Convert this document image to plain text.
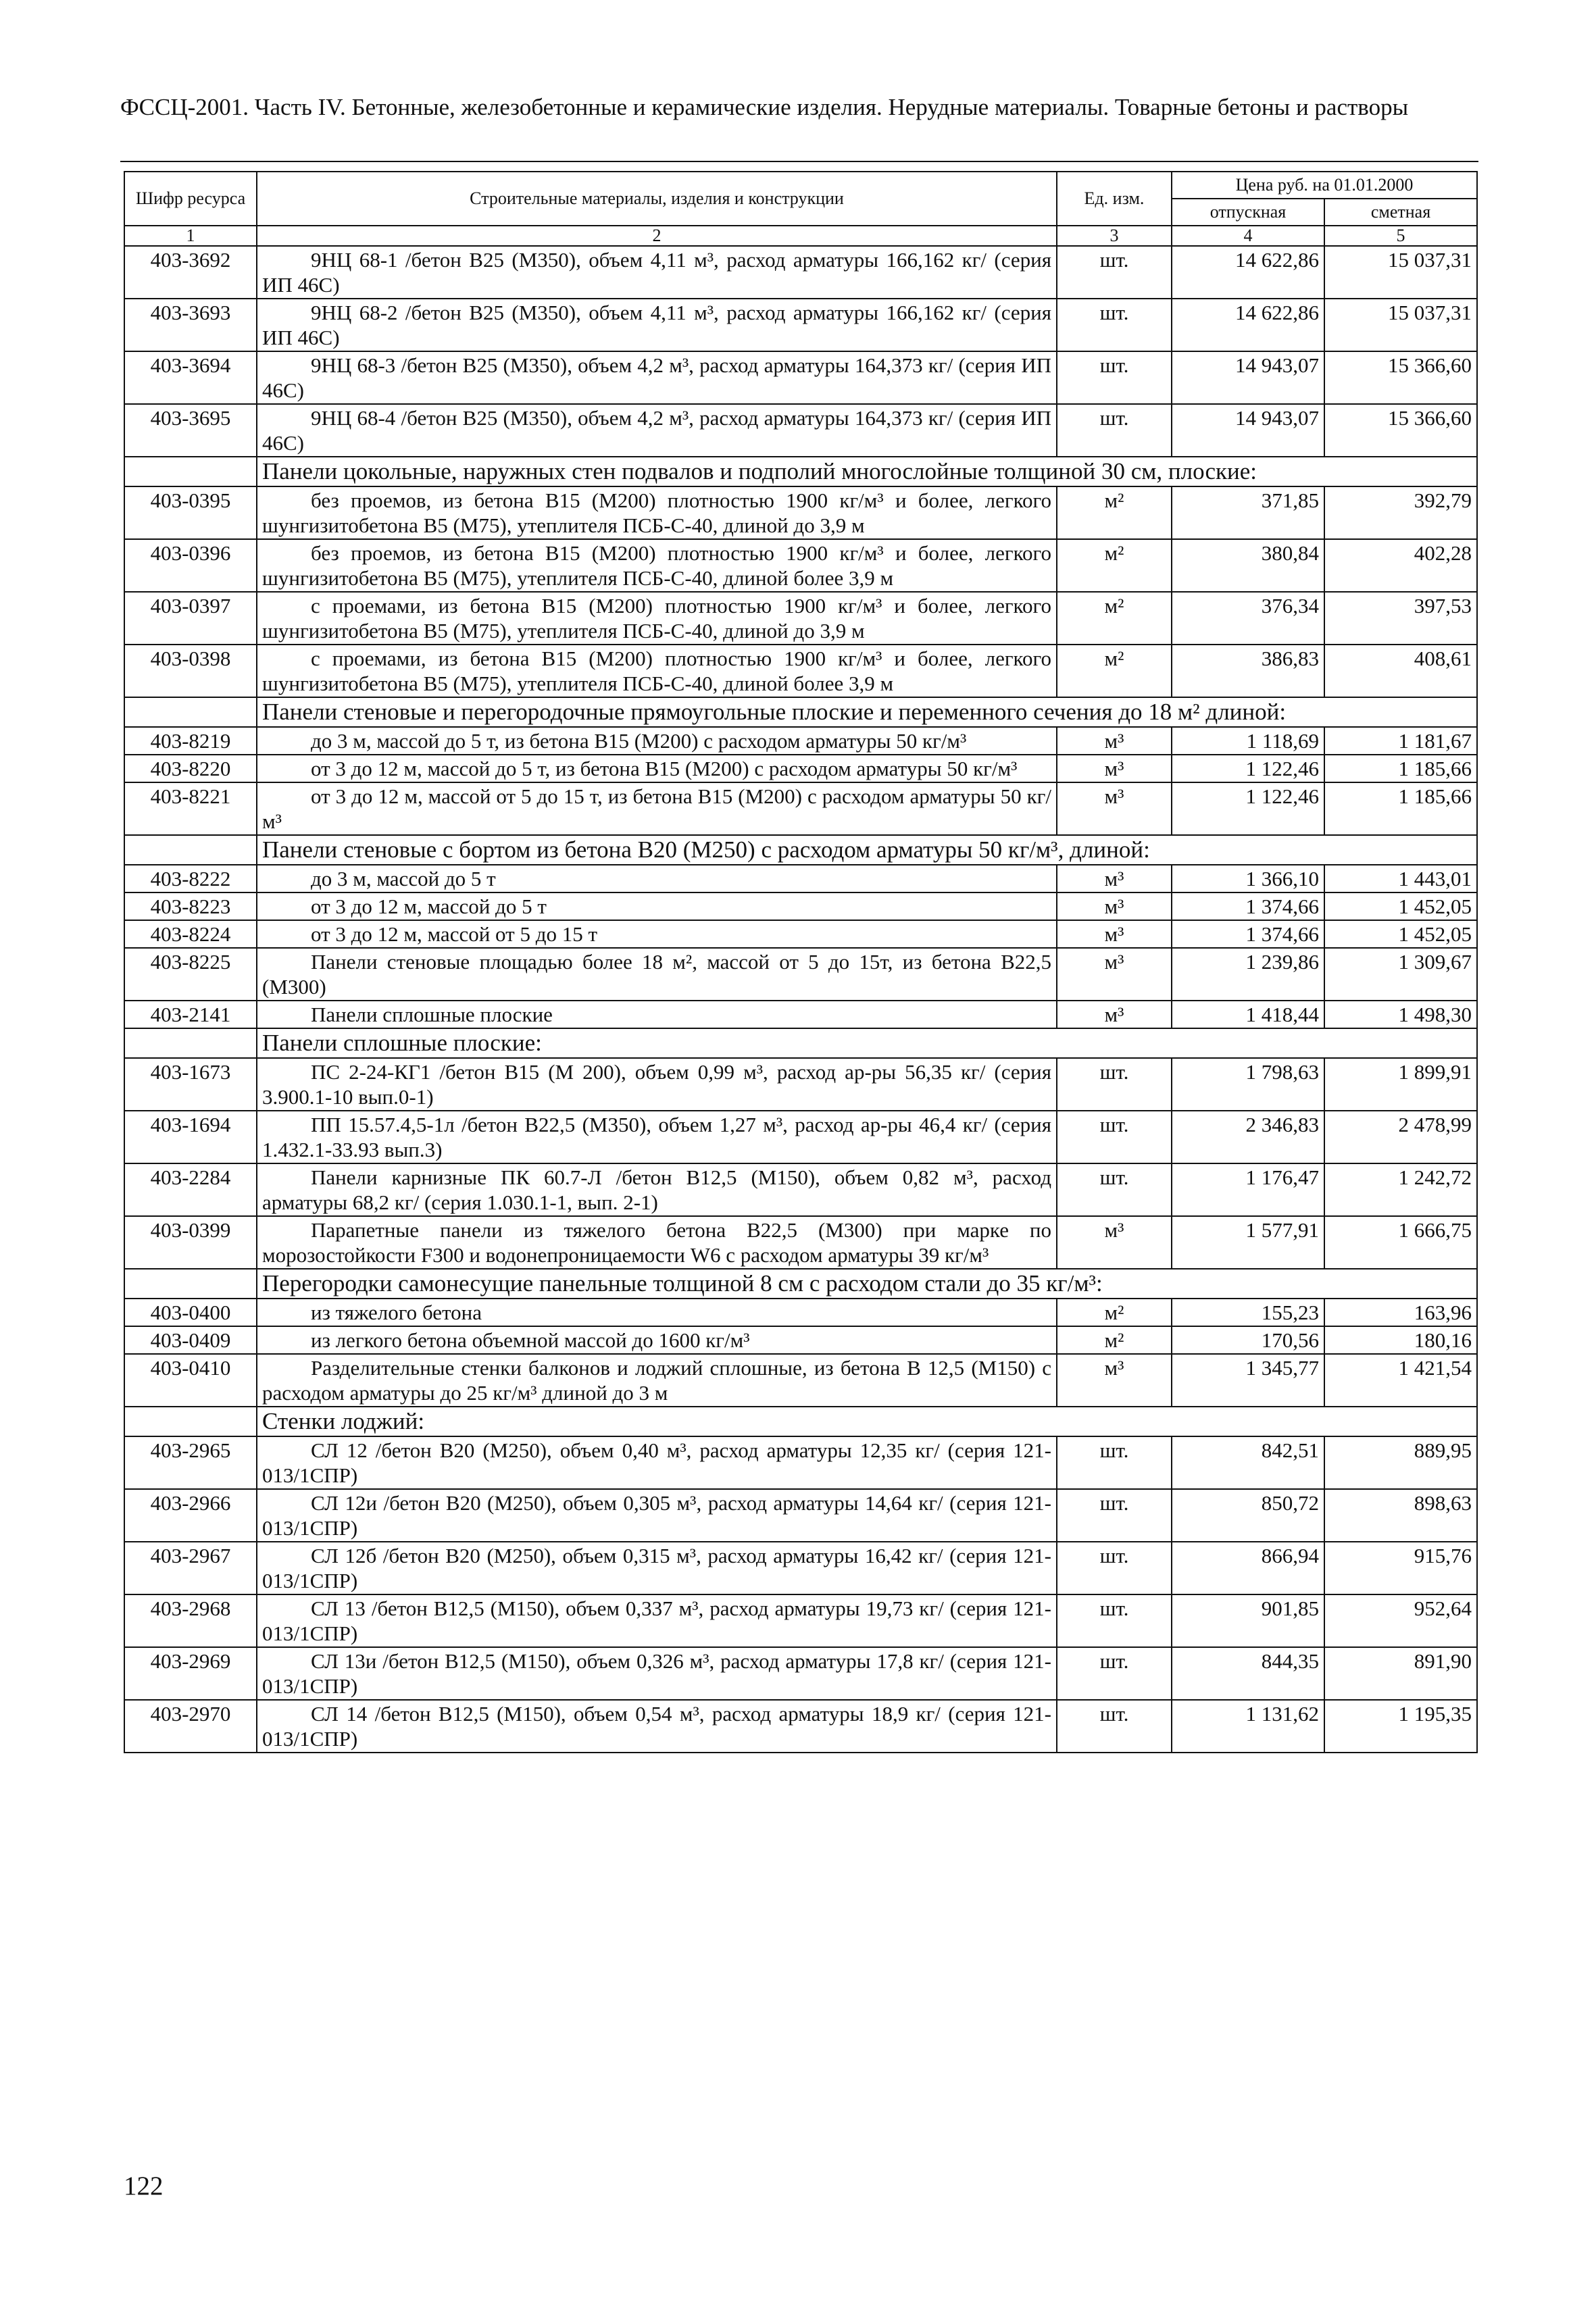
ФССЦ-2001. Часть IV. Бетонные, железобетонные и керамические изделия. Нерудные материалы. Товарные бетоны и растворы
Шифр ресурса	Строительные материалы, изделия и конструкции	Ед. изм.	Цена руб. на 01.01.2000	
			отпускная	сметная
1	2	3	4	5
403-3692	9НЦ 68-1 /бетон В25 (М350), объем 4,11 м³, расход арматуры 166,162 кг/ (серия ИП 46С)	шт.	14 622,86	15 037,31
403-3693	9НЦ 68-2 /бетон В25 (М350), объем 4,11 м³, расход арматуры 166,162 кг/ (серия ИП 46С)	шт.	14 622,86	15 037,31
403-3694	9НЦ 68-3 /бетон В25 (М350), объем 4,2 м³, расход арматуры 164,373 кг/ (серия ИП 46С)	шт.	14 943,07	15 366,60
403-3695	9НЦ 68-4 /бетон В25 (М350), объем 4,2 м³, расход арматуры 164,373 кг/ (серия ИП 46С)	шт.	14 943,07	15 366,60
	Панели цокольные, наружных стен подвалов и подполий многослойные толщиной 30 см, плоские:			
403-0395	без проемов, из бетона В15 (М200) плотностью 1900 кг/м³ и более, легкого шунгизитобетона В5 (М75), утеплителя ПСБ-С-40, длиной до 3,9 м	м²	371,85	392,79
403-0396	без проемов, из бетона В15 (М200) плотностью 1900 кг/м³ и более, легкого шунгизитобетона В5 (М75), утеплителя ПСБ-С-40, длиной более 3,9 м	м²	380,84	402,28
403-0397	с проемами, из бетона В15 (М200) плотностью 1900 кг/м³ и более, легкого шунгизитобетона В5 (М75), утеплителя ПСБ-С-40, длиной до 3,9 м	м²	376,34	397,53
403-0398	с проемами, из бетона В15 (М200) плотностью 1900 кг/м³ и более, легкого шунгизитобетона В5 (М75), утеплителя ПСБ-С-40, длиной более 3,9 м	м²	386,83	408,61
	Панели стеновые и перегородочные прямоугольные плоские и переменного сечения до 18 м² длиной:			
403-8219	до 3 м, массой до 5 т, из бетона В15 (М200) с расходом арматуры 50 кг/м³	м³	1 118,69	1 181,67
403-8220	от 3 до 12 м, массой до 5 т, из бетона В15 (М200) с расходом арматуры 50 кг/м³	м³	1 122,46	1 185,66
403-8221	от 3 до 12 м, массой от 5 до 15 т, из бетона В15 (М200) с расходом арматуры 50 кг/м³	м³	1 122,46	1 185,66
	Панели стеновые с бортом из бетона В20 (М250) с расходом арматуры 50 кг/м³, длиной:			
403-8222	до 3 м, массой до 5 т	м³	1 366,10	1 443,01
403-8223	от 3 до 12 м, массой до 5 т	м³	1 374,66	1 452,05
403-8224	от 3 до 12 м, массой от 5 до 15 т	м³	1 374,66	1 452,05
403-8225	Панели стеновые площадью более 18 м², массой от 5 до 15т, из бетона В22,5 (М300)	м³	1 239,86	1 309,67
403-2141	Панели сплошные плоские	м³	1 418,44	1 498,30
	Панели сплошные плоские:			
403-1673	ПС 2-24-КГ1 /бетон В15 (М 200), объем 0,99 м³, расход ар-ры 56,35 кг/ (серия 3.900.1-10 вып.0-1)	шт.	1 798,63	1 899,91
403-1694	ПП 15.57.4,5-1л /бетон В22,5 (М350), объем 1,27 м³, расход ар-ры 46,4 кг/ (серия 1.432.1-33.93 вып.3)	шт.	2 346,83	2 478,99
403-2284	Панели карнизные ПК 60.7-Л /бетон В12,5 (М150), объем 0,82 м³, расход арматуры 68,2 кг/ (серия 1.030.1-1, вып. 2-1)	шт.	1 176,47	1 242,72
403-0399	Парапетные панели из тяжелого бетона В22,5 (М300) при марке по морозостойкости F300 и водонепроницаемости W6 с расходом арматуры 39 кг/м³	м³	1 577,91	1 666,75
	Перегородки самонесущие панельные толщиной 8 см с расходом стали до 35 кг/м³:			
403-0400	из тяжелого бетона	м²	155,23	163,96
403-0409	из легкого бетона объемной массой до 1600 кг/м³	м²	170,56	180,16
403-0410	Разделительные стенки балконов и лоджий сплошные, из бетона В 12,5 (М150) с расходом арматуры до 25 кг/м³ длиной до 3 м	м³	1 345,77	1 421,54
	Стенки лоджий:			
403-2965	СЛ 12 /бетон В20 (М250), объем 0,40 м³, расход арматуры 12,35 кг/ (серия 121-013/1СПР)	шт.	842,51	889,95
403-2966	СЛ 12и /бетон В20 (М250), объем 0,305 м³, расход арматуры 14,64 кг/ (серия 121-013/1СПР)	шт.	850,72	898,63
403-2967	СЛ 12б /бетон В20 (М250), объем 0,315 м³, расход арматуры 16,42 кг/ (серия 121-013/1СПР)	шт.	866,94	915,76
403-2968	СЛ 13 /бетон В12,5 (М150), объем 0,337 м³, расход арматуры 19,73 кг/ (серия 121-013/1СПР)	шт.	901,85	952,64
403-2969	СЛ 13и /бетон В12,5 (М150), объем 0,326 м³, расход арматуры 17,8 кг/ (серия 121-013/1СПР)	шт.	844,35	891,90
403-2970	СЛ 14 /бетон В12,5 (М150), объем 0,54 м³, расход арматуры 18,9 кг/ (серия 121-013/1СПР)	шт.	1 131,62	1 195,35
122
